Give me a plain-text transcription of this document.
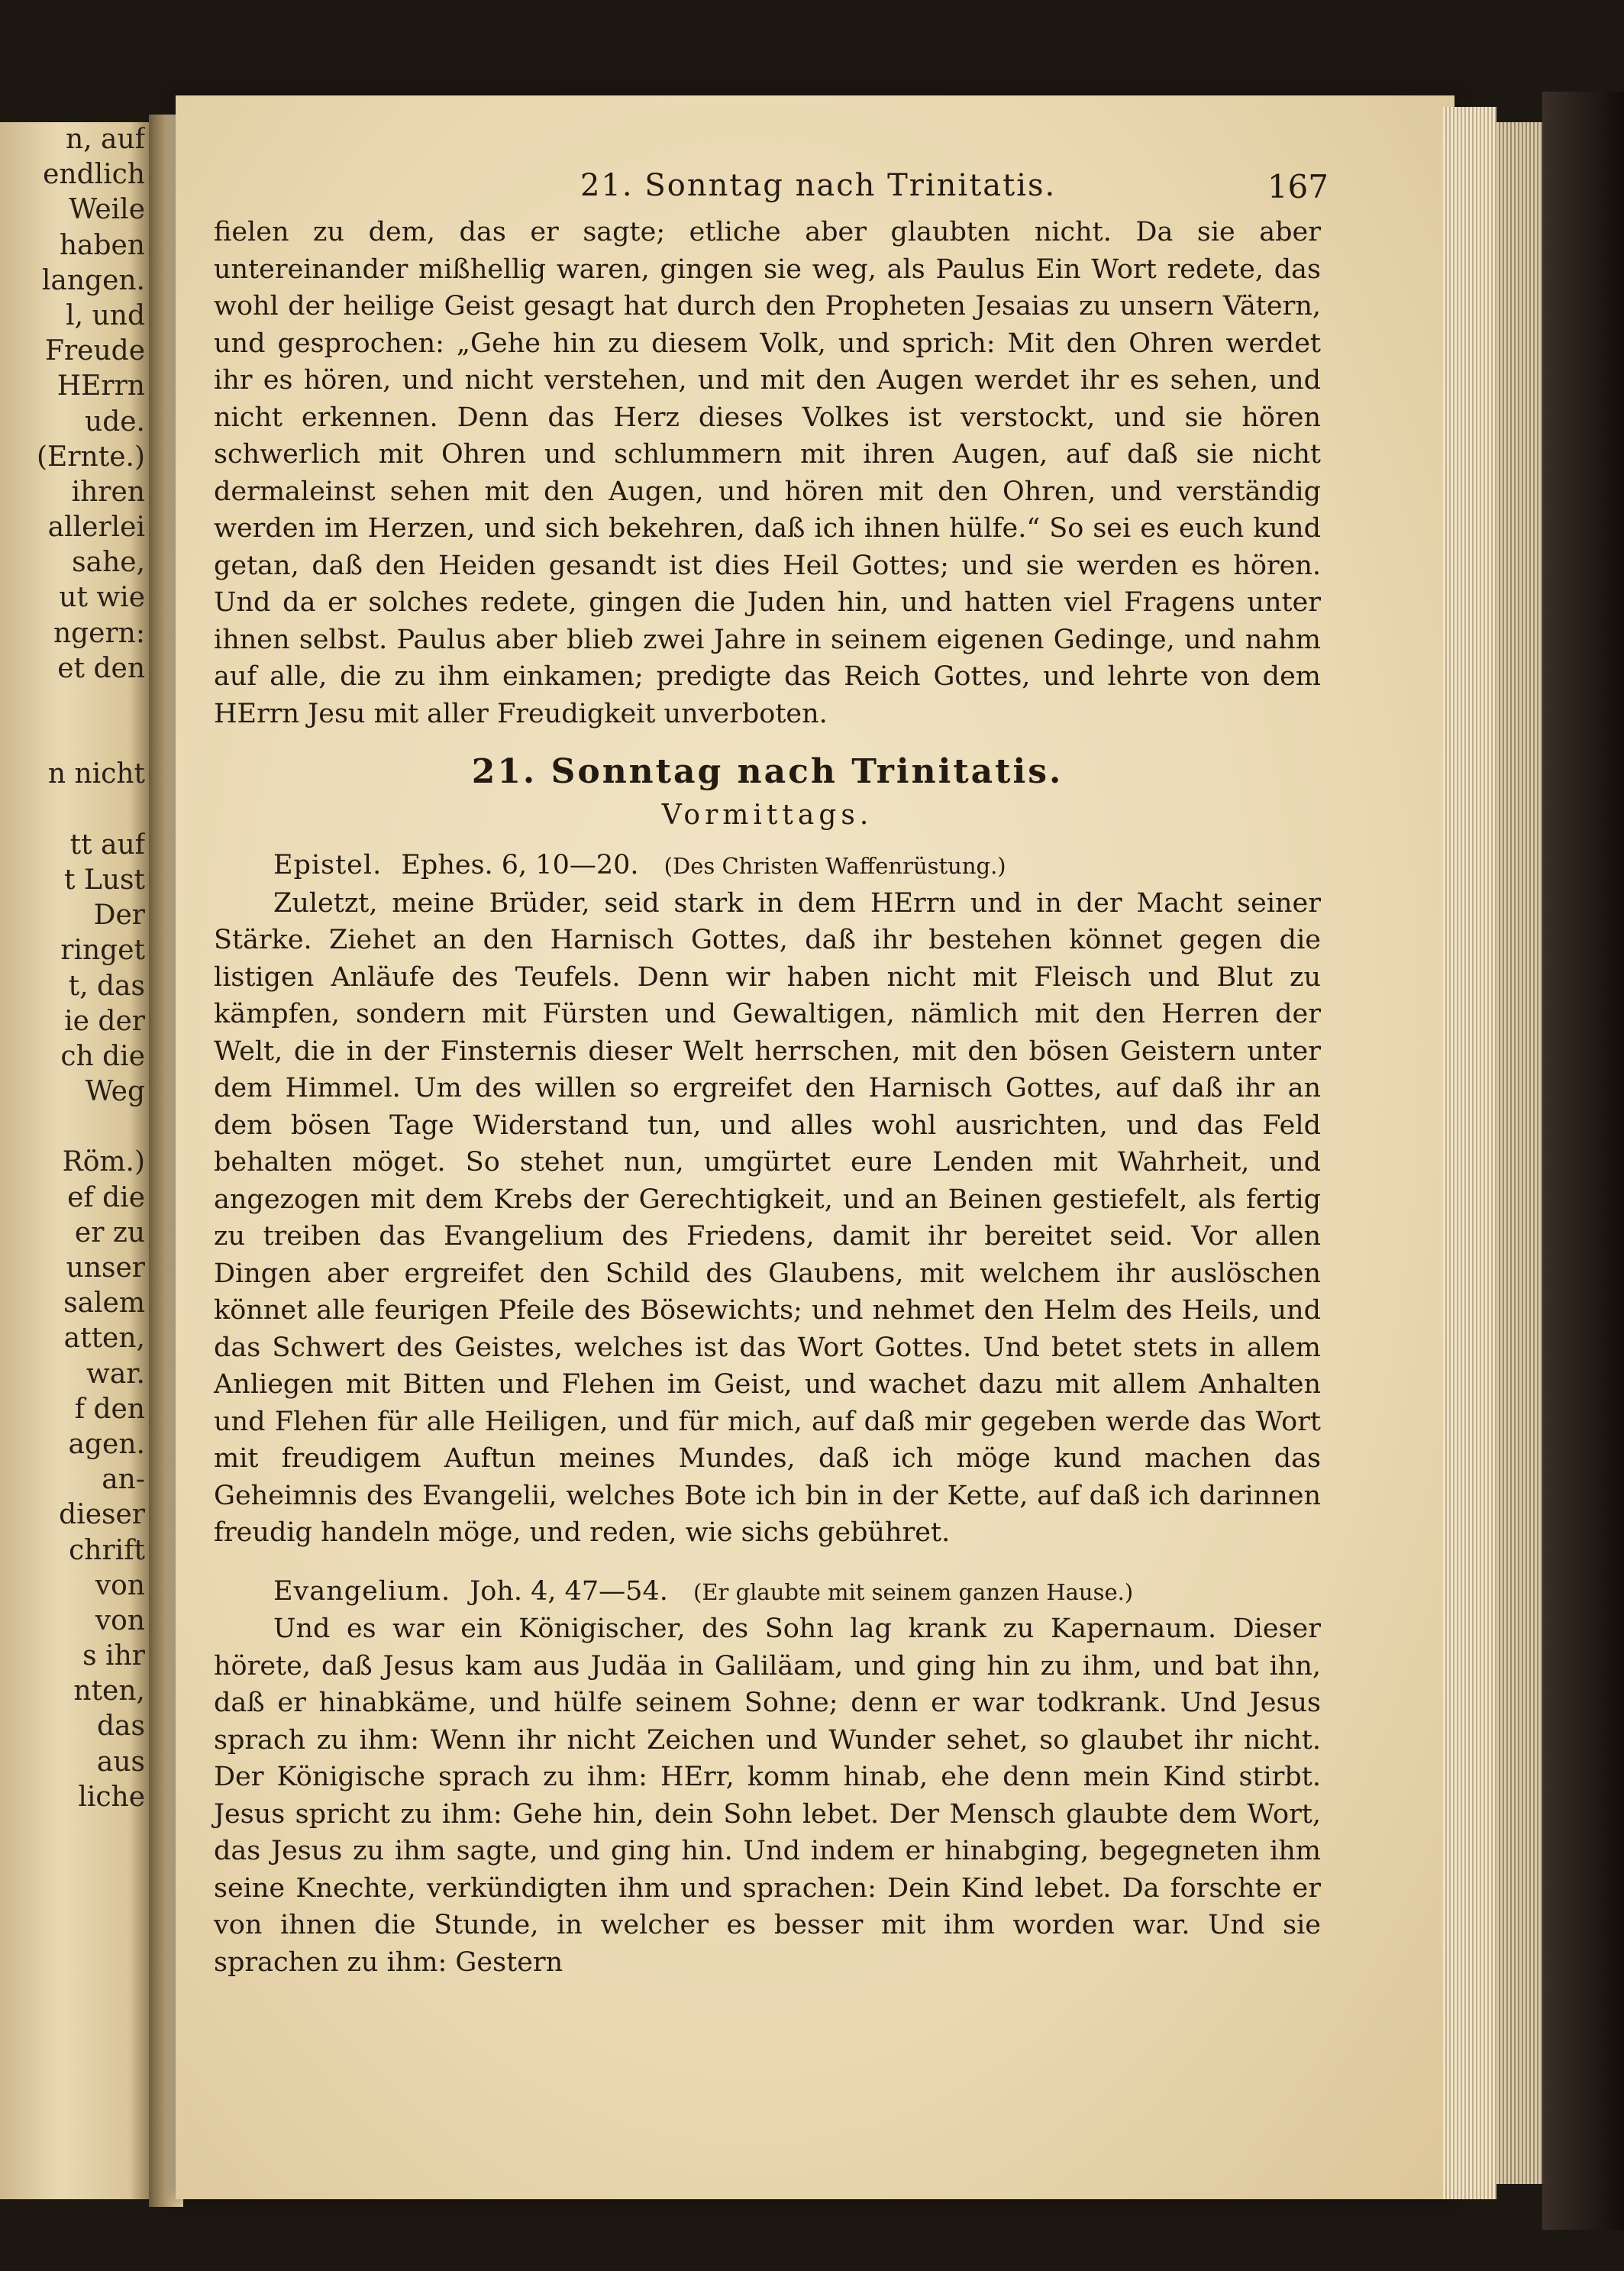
n, auf
endlich
Weile
haben
langen.
l, und
Freude
HErrn
ude.
(Ernte.)
ihren
allerlei
sahe,
ut wie
ngern:
et den
n nicht
tt auf
t Lust
Der
ringet
t, das
ie der
ch die
Weg
Röm.)
ef die
er zu
unser
salem
atten,
war.
f den
agen.
an-
dieser
chrift
von
von
s ihr
nten,
das
aus
liche
21. Sonntag nach Trinitatis.	167

fielen zu dem, das er sagte; etliche aber glaubten nicht. Da sie aber untereinander mißhellig waren, gingen sie weg, als Paulus Ein Wort redete, das wohl der heilige Geist gesagt hat durch den Propheten Jesaias zu unsern Vätern, und gesprochen: „Gehe hin zu diesem Volk, und sprich: Mit den Ohren werdet ihr es hören, und nicht verstehen, und mit den Augen werdet ihr es sehen, und nicht erkennen. Denn das Herz dieses Volkes ist verstockt, und sie hören schwerlich mit Ohren und schlummern mit ihren Augen, auf daß sie nicht dermaleinst sehen mit den Augen, und hören mit den Ohren, und verständig werden im Herzen, und sich bekehren, daß ich ihnen hülfe.“ So sei es euch kund getan, daß den Heiden gesandt ist dies Heil Gottes; und sie werden es hören. Und da er solches redete, gingen die Juden hin, und hatten viel Fragens unter ihnen selbst. Paulus aber blieb zwei Jahre in seinem eigenen Gedinge, und nahm auf alle, die zu ihm einkamen; predigte das Reich Gottes, und lehrte von dem HErrn Jesu mit aller Freudigkeit unverboten.

21. Sonntag nach Trinitatis.
Vormittags.
Epistel. Ephes. 6, 10—20. (Des Christen Waffenrüstung.)

Zuletzt, meine Brüder, seid stark in dem HErrn und in der Macht seiner Stärke. Ziehet an den Harnisch Gottes, daß ihr bestehen könnet gegen die listigen Anläufe des Teufels. Denn wir haben nicht mit Fleisch und Blut zu kämpfen, sondern mit Fürsten und Gewaltigen, nämlich mit den Herren der Welt, die in der Finsternis dieser Welt herrschen, mit den bösen Geistern unter dem Himmel. Um des willen so ergreifet den Harnisch Gottes, auf daß ihr an dem bösen Tage Widerstand tun, und alles wohl ausrichten, und das Feld behalten möget. So stehet nun, umgürtet eure Lenden mit Wahrheit, und angezogen mit dem Krebs der Gerechtigkeit, und an Beinen gestiefelt, als fertig zu treiben das Evangelium des Friedens, damit ihr bereitet seid. Vor allen Dingen aber ergreifet den Schild des Glaubens, mit welchem ihr auslöschen könnet alle feurigen Pfeile des Bösewichts; und nehmet den Helm des Heils, und das Schwert des Geistes, welches ist das Wort Gottes. Und betet stets in allem Anliegen mit Bitten und Flehen im Geist, und wachet dazu mit allem Anhalten und Flehen für alle Heiligen, und für mich, auf daß mir gegeben werde das Wort mit freudigem Auftun meines Mundes, daß ich möge kund machen das Geheimnis des Evangelii, welches Bote ich bin in der Kette, auf daß ich darinnen freudig handeln möge, und reden, wie sichs gebühret.

Evangelium. Joh. 4, 47—54. (Er glaubte mit seinem ganzen Hause.)

Und es war ein Königischer, des Sohn lag krank zu Kapernaum. Dieser hörete, daß Jesus kam aus Judäa in Galiläam, und ging hin zu ihm, und bat ihn, daß er hinabkäme, und hülfe seinem Sohne; denn er war todkrank. Und Jesus sprach zu ihm: Wenn ihr nicht Zeichen und Wunder sehet, so glaubet ihr nicht. Der Königische sprach zu ihm: HErr, komm hinab, ehe denn mein Kind stirbt. Jesus spricht zu ihm: Gehe hin, dein Sohn lebet. Der Mensch glaubte dem Wort, das Jesus zu ihm sagte, und ging hin. Und indem er hinabging, begegneten ihm seine Knechte, verkündigten ihm und sprachen: Dein Kind lebet. Da forschte er von ihnen die Stunde, in welcher es besser mit ihm worden war. Und sie sprachen zu ihm: Gestern
